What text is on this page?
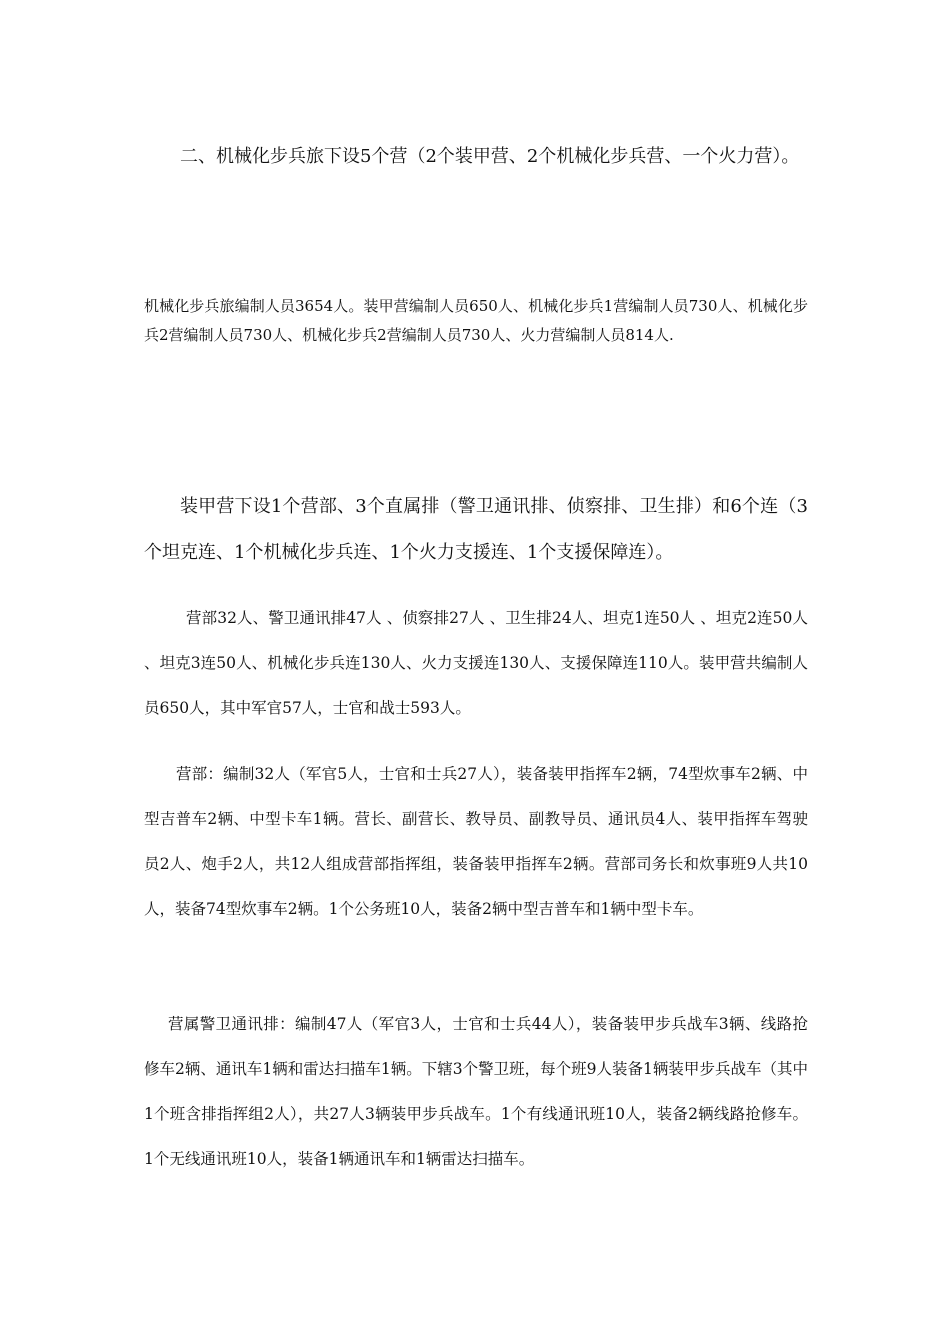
二、机械化步兵旅下设5个营（2个装甲营、2个机械化步兵营、一个火力营）。

机械化步兵旅编制人员3654人。装甲营编制人员650人、机械化步兵1营编制人员730人、机械化步兵2营编制人员730人、机械化步兵2营编制人员730人、火力营编制人员814人.

装甲营下设1个营部、3个直属排（警卫通讯排、侦察排、卫生排）和6个连（3个坦克连、1个机械化步兵连、1个火力支援连、1个支援保障连）。

营部32人、警卫通讯排47人 、侦察排27人 、卫生排24人、坦克1连50人 、坦克2连50人 、坦克3连50人、机械化步兵连130人、火力支援连130人、支援保障连110人。装甲营共编制人员650人，其中军官57人，士官和战士593人。

营部：编制32人（军官5人，士官和士兵27人），装备装甲指挥车2辆，74型炊事车2辆、中型吉普车2辆、中型卡车1辆。营长、副营长、教导员、副教导员、通讯员4人、装甲指挥车驾驶员2人、炮手2人，共12人组成营部指挥组，装备装甲指挥车2辆。营部司务长和炊事班9人共10人，装备74型炊事车2辆。1个公务班10人，装备2辆中型吉普车和1辆中型卡车。

营属警卫通讯排：编制47人（军官3人，士官和士兵44人），装备装甲步兵战车3辆、线路抢修车2辆、通讯车1辆和雷达扫描车1辆。下辖3个警卫班，每个班9人装备1辆装甲步兵战车（其中1个班含排指挥组2人），共27人3辆装甲步兵战车。1个有线通讯班10人，装备2辆线路抢修车。1个无线通讯班10人，装备1辆通讯车和1辆雷达扫描车。
